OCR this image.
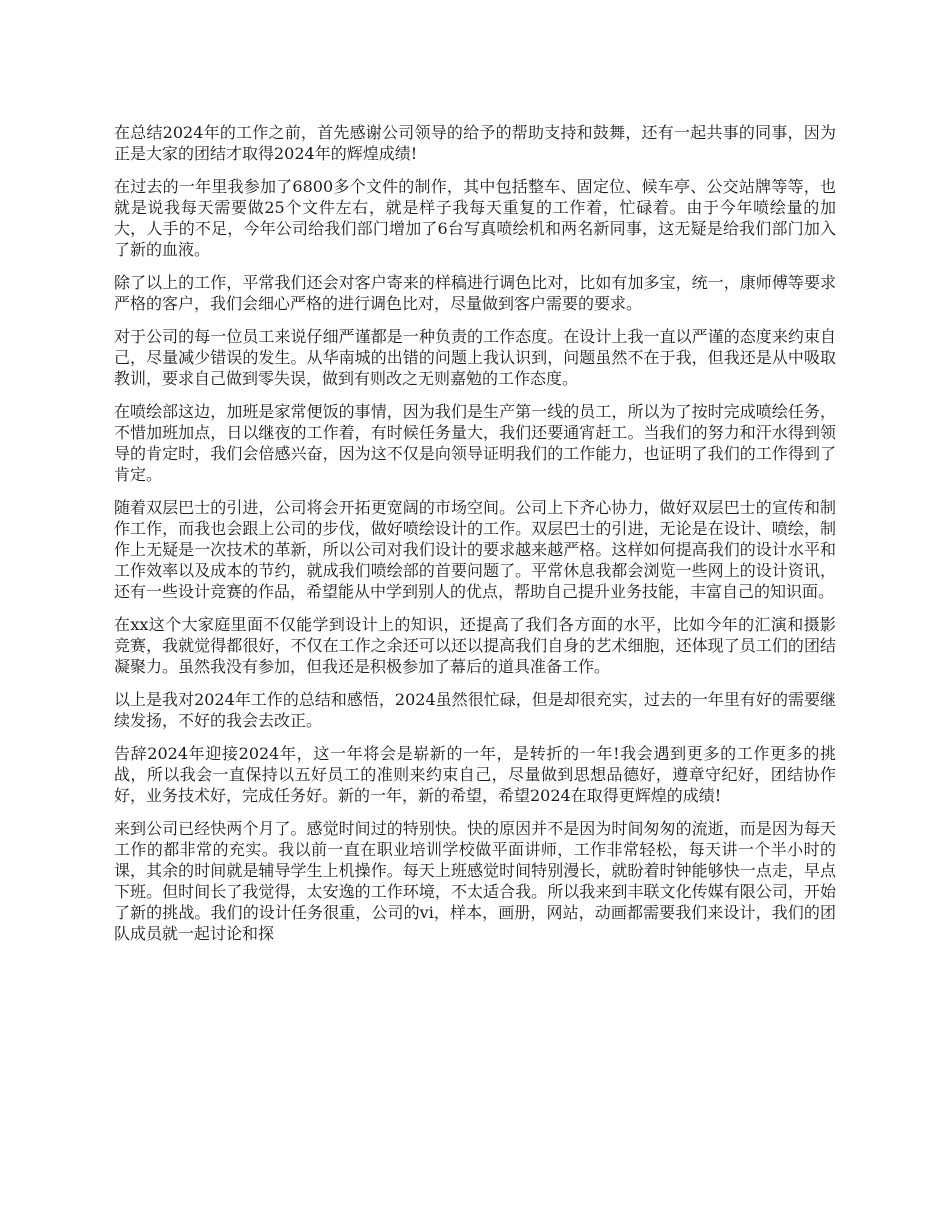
在总结2024年的工作之前，首先感谢公司领导的给予的帮助支持和鼓舞，还有一起共事的同事，因为正是大家的团结才取得2024年的辉煌成绩!

在过去的一年里我参加了6800多个文件的制作，其中包括整车、固定位、候车亭、公交站牌等等，也就是说我每天需要做25个文件左右，就是样子我每天重复的工作着，忙碌着。由于今年喷绘量的加大，人手的不足，今年公司给我们部门增加了6台写真喷绘机和两名新同事，这无疑是给我们部门加入了新的血液。

除了以上的工作，平常我们还会对客户寄来的样稿进行调色比对，比如有加多宝，统一，康师傅等要求严格的客户，我们会细心严格的进行调色比对，尽量做到客户需要的要求。

对于公司的每一位员工来说仔细严谨都是一种负责的工作态度。在设计上我一直以严谨的态度来约束自己，尽量减少错误的发生。从华南城的出错的问题上我认识到，问题虽然不在于我，但我还是从中吸取教训，要求自己做到零失误，做到有则改之无则嘉勉的工作态度。

在喷绘部这边，加班是家常便饭的事情，因为我们是生产第一线的员工，所以为了按时完成喷绘任务，不惜加班加点，日以继夜的工作着，有时候任务量大，我们还要通宵赶工。当我们的努力和汗水得到领导的肯定时，我们会倍感兴奋，因为这不仅是向领导证明我们的工作能力，也证明了我们的工作得到了肯定。

随着双层巴士的引进，公司将会开拓更宽阔的市场空间。公司上下齐心协力，做好双层巴士的宣传和制作工作，而我也会跟上公司的步伐，做好喷绘设计的工作。双层巴士的引进，无论是在设计、喷绘，制作上无疑是一次技术的革新，所以公司对我们设计的要求越来越严格。这样如何提高我们的设计水平和工作效率以及成本的节约，就成我们喷绘部的首要问题了。平常休息我都会浏览一些网上的设计资讯，还有一些设计竞赛的作品，希望能从中学到别人的优点，帮助自己提升业务技能，丰富自己的知识面。

在xx这个大家庭里面不仅能学到设计上的知识，还提高了我们各方面的水平，比如今年的汇演和摄影竞赛，我就觉得都很好，不仅在工作之余还可以还以提高我们自身的艺术细胞，还体现了员工们的团结凝聚力。虽然我没有参加，但我还是积极参加了幕后的道具准备工作。

以上是我对2024年工作的总结和感悟，2024虽然很忙碌，但是却很充实，过去的一年里有好的需要继续发扬，不好的我会去改正。

告辞2024年迎接2024年，这一年将会是崭新的一年，是转折的一年!我会遇到更多的工作更多的挑战，所以我会一直保持以五好员工的准则来约束自己，尽量做到思想品德好，遵章守纪好，团结协作好，业务技术好，完成任务好。新的一年，新的希望，希望2024在取得更辉煌的成绩!

来到公司已经快两个月了。感觉时间过的特别快。快的原因并不是因为时间匆匆的流逝，而是因为每天工作的都非常的充实。我以前一直在职业培训学校做平面讲师，工作非常轻松，每天讲一个半小时的课，其余的时间就是辅导学生上机操作。每天上班感觉时间特别漫长，就盼着时钟能够快一点走，早点下班。但时间长了我觉得，太安逸的工作环境，不太适合我。所以我来到丰联文化传媒有限公司，开始了新的挑战。我们的设计任务很重，公司的vi，样本，画册，网站，动画都需要我们来设计，我们的团队成员就一起讨论和探
